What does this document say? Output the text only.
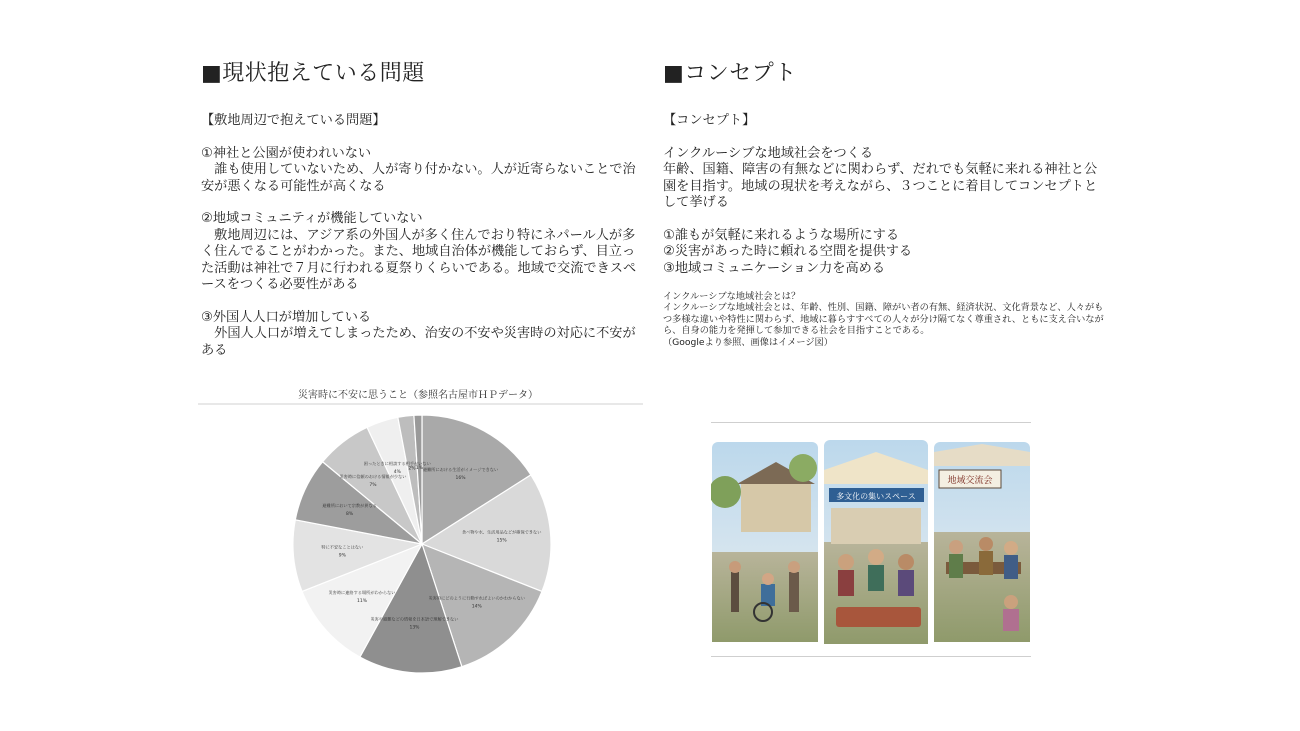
■現状抱えている問題

【敷地周辺で抱えている問題】

①神社と公園が使われいない

　誰も使用していないため、人が寄り付かない。人が近寄らないことで治安が悪くなる可能性が高くなる

②地域コミュニティが機能していない

　敷地周辺には、アジア系の外国人が多く住んでおり特にネパール人が多く住んでることがわかった。また、地域自治体が機能しておらず、目立った活動は神社で７月に行われる夏祭りくらいである。地域で交流できスペースをつくる必要性がある

③外国人人口が増加している

　外国人人口が増えてしまったため、治安の不安や災害時の対応に不安がある

災害時に不安に思うこと（参照名古屋市ＨＰデータ）
避難所における生活がイメージできない
16%
食べ物や水、生活用品などが確保できない
15%
災害時にどのように行動すればよいのかわからない
14%
災害や避難などの情報を日本語で理解できない
13%
災害時に連絡する場所がわからない
11%
特に不安なことはない
9%
避難所において宗教が異なる
8%
災害時に信頼のおける情報が少ない
7%
困ったときに相談する相手がいない
4%
2% 1%
■コンセプト

【コンセプト】

インクルーシブな地域社会をつくる

年齢、国籍、障害の有無などに関わらず、だれでも気軽に来れる神社と公園を目指す。地域の現状を考えながら、３つことに着目してコンセプトとして挙げる

①誰もが気軽に来れるような場所にする

②災害があった時に頼れる空間を提供する

③地域コミュニケーション力を高める

インクルーシブな地域社会とは？

インクルーシブな地域社会とは、年齢、性別、国籍、障がい者の有無、経済状況、文化背景など、人々がもつ多様な違いや特性に関わらず、地域に暮らすすべての人々が分け隔てなく尊重され、ともに支え合いながら、自身の能力を発揮して参加できる社会を目指すことである。

（Googleより参照、画像はイメージ図）

多文化の集いスペース
地域交流会
